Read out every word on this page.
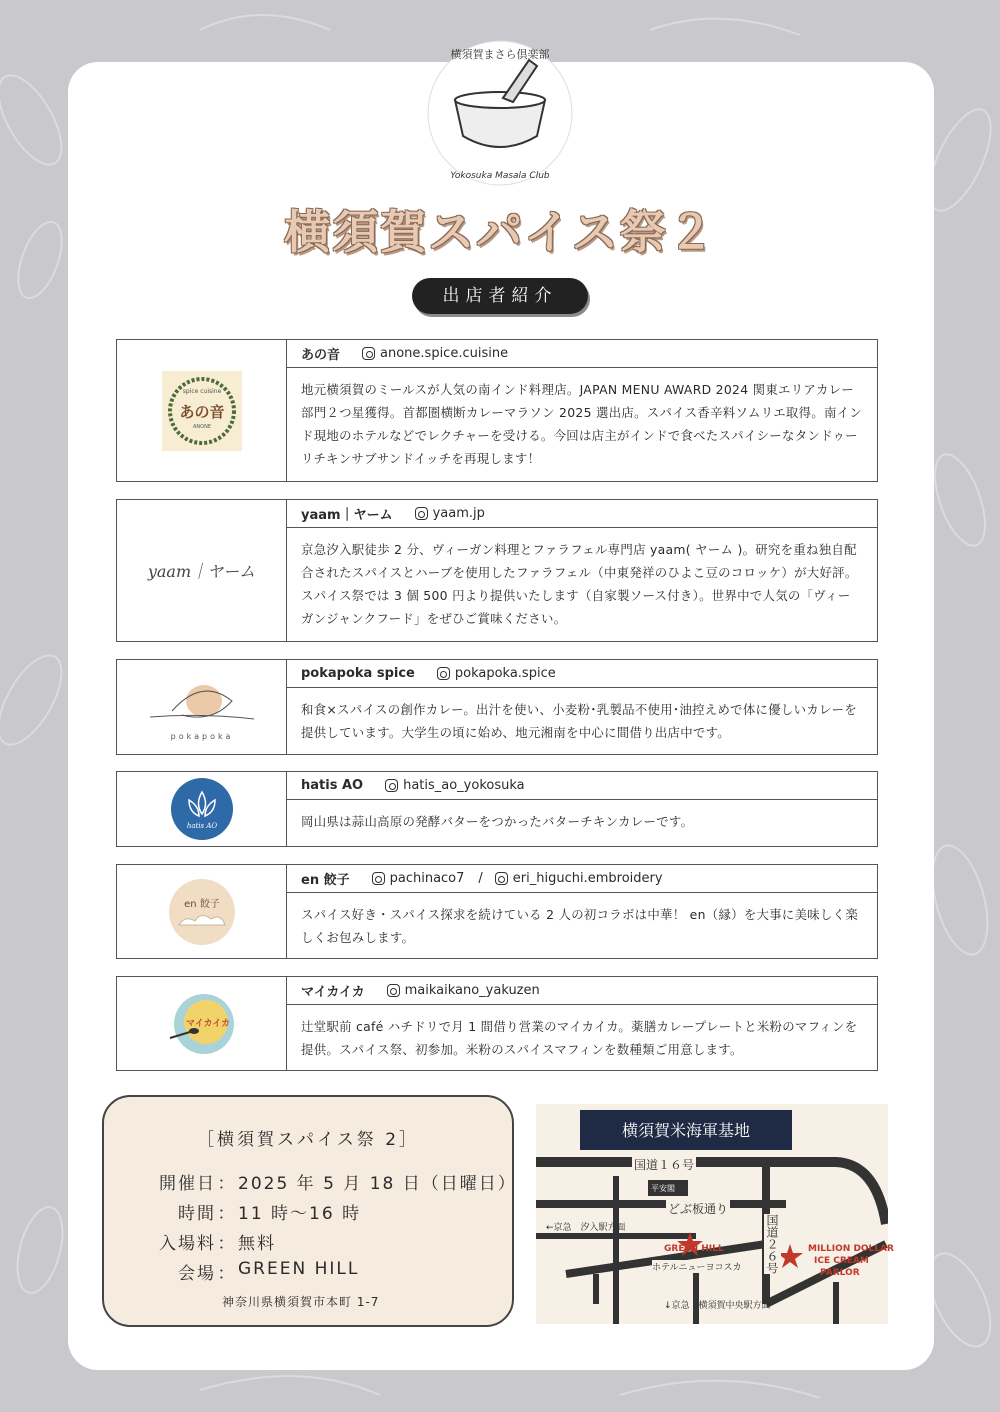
横須賀まさら倶楽部
Yokosuka Masala Club
横須賀スパイス祭２
出店者紹介
spice cuisine
あの音
ANONE
あの音	anone.spice.cuisine
地元横須賀のミールスが人気の南インド料理店。JAPAN MENU AWARD 2024 関東エリアカレー部門２つ星獲得。首都圏横断カレーマラソン 2025 選出店。スパイス香辛料ソムリエ取得。南インド現地のホテルなどでレクチャーを受ける。今回は店主がインドで食べたスパイシーなタンドゥーリチキンサブサンドイッチを再現します！
yaam｜ヤーム
yaam｜ヤーム	yaam.jp
京急汐入駅徒歩 2 分、ヴィーガン料理とファラフェル専門店 yaam( ヤーム )。研究を重ね独自配合されたスパイスとハーブを使用したファラフェル（中東発祥のひよこ豆のコロッケ）が大好評。スパイス祭では 3 個 500 円より提供いたします（自家製ソース付き）。世界中で人気の「ヴィーガンジャンクフード」をぜひご賞味ください。
pokapoka
pokapoka spice	pokapoka.spice
和食×スパイスの創作カレー。出汁を使い、小麦粉･乳製品不使用･油控えめで体に優しいカレーを提供しています。大学生の頃に始め、地元湘南を中心に間借り出店中です。
hatis AO
hatis AO	hatis_ao_yokosuka
岡山県は蒜山高原の発酵バターをつかったバターチキンカレーです。
en 餃子
en 餃子	pachinaco7 / eri_higuchi.embroidery
スパイス好き・スパイス探求を続けている 2 人の初コラボは中華！ en（縁）を大事に美味しく楽しくお包みします。
マイカイカ
マイカイカ	maikaikano_yakuzen
辻堂駅前 café ハチドリで月 1 間借り営業のマイカイカ。薬膳カレープレートと米粉のマフィンを提供。スパイス祭、初参加。米粉のスパイスマフィンを数種類ご用意します。
［横須賀スパイス祭 2］
開催日 ： 2025 年 5 月 18 日（日曜日）
時間 ： 11 時～16 時
入場料 ： 無料
会場 ： GREEN HILL
神奈川県横須賀市本町 1-7
横須賀米海軍基地
国道１６号
平安閣
どぶ板通り
国道２６号
←京急　汐入駅方面
GREEN HILL
ホテルニューヨコスカ
MILLION DOLLAR
ICE CREAM
PARLOR
↓京急　横須賀中央駅方面
